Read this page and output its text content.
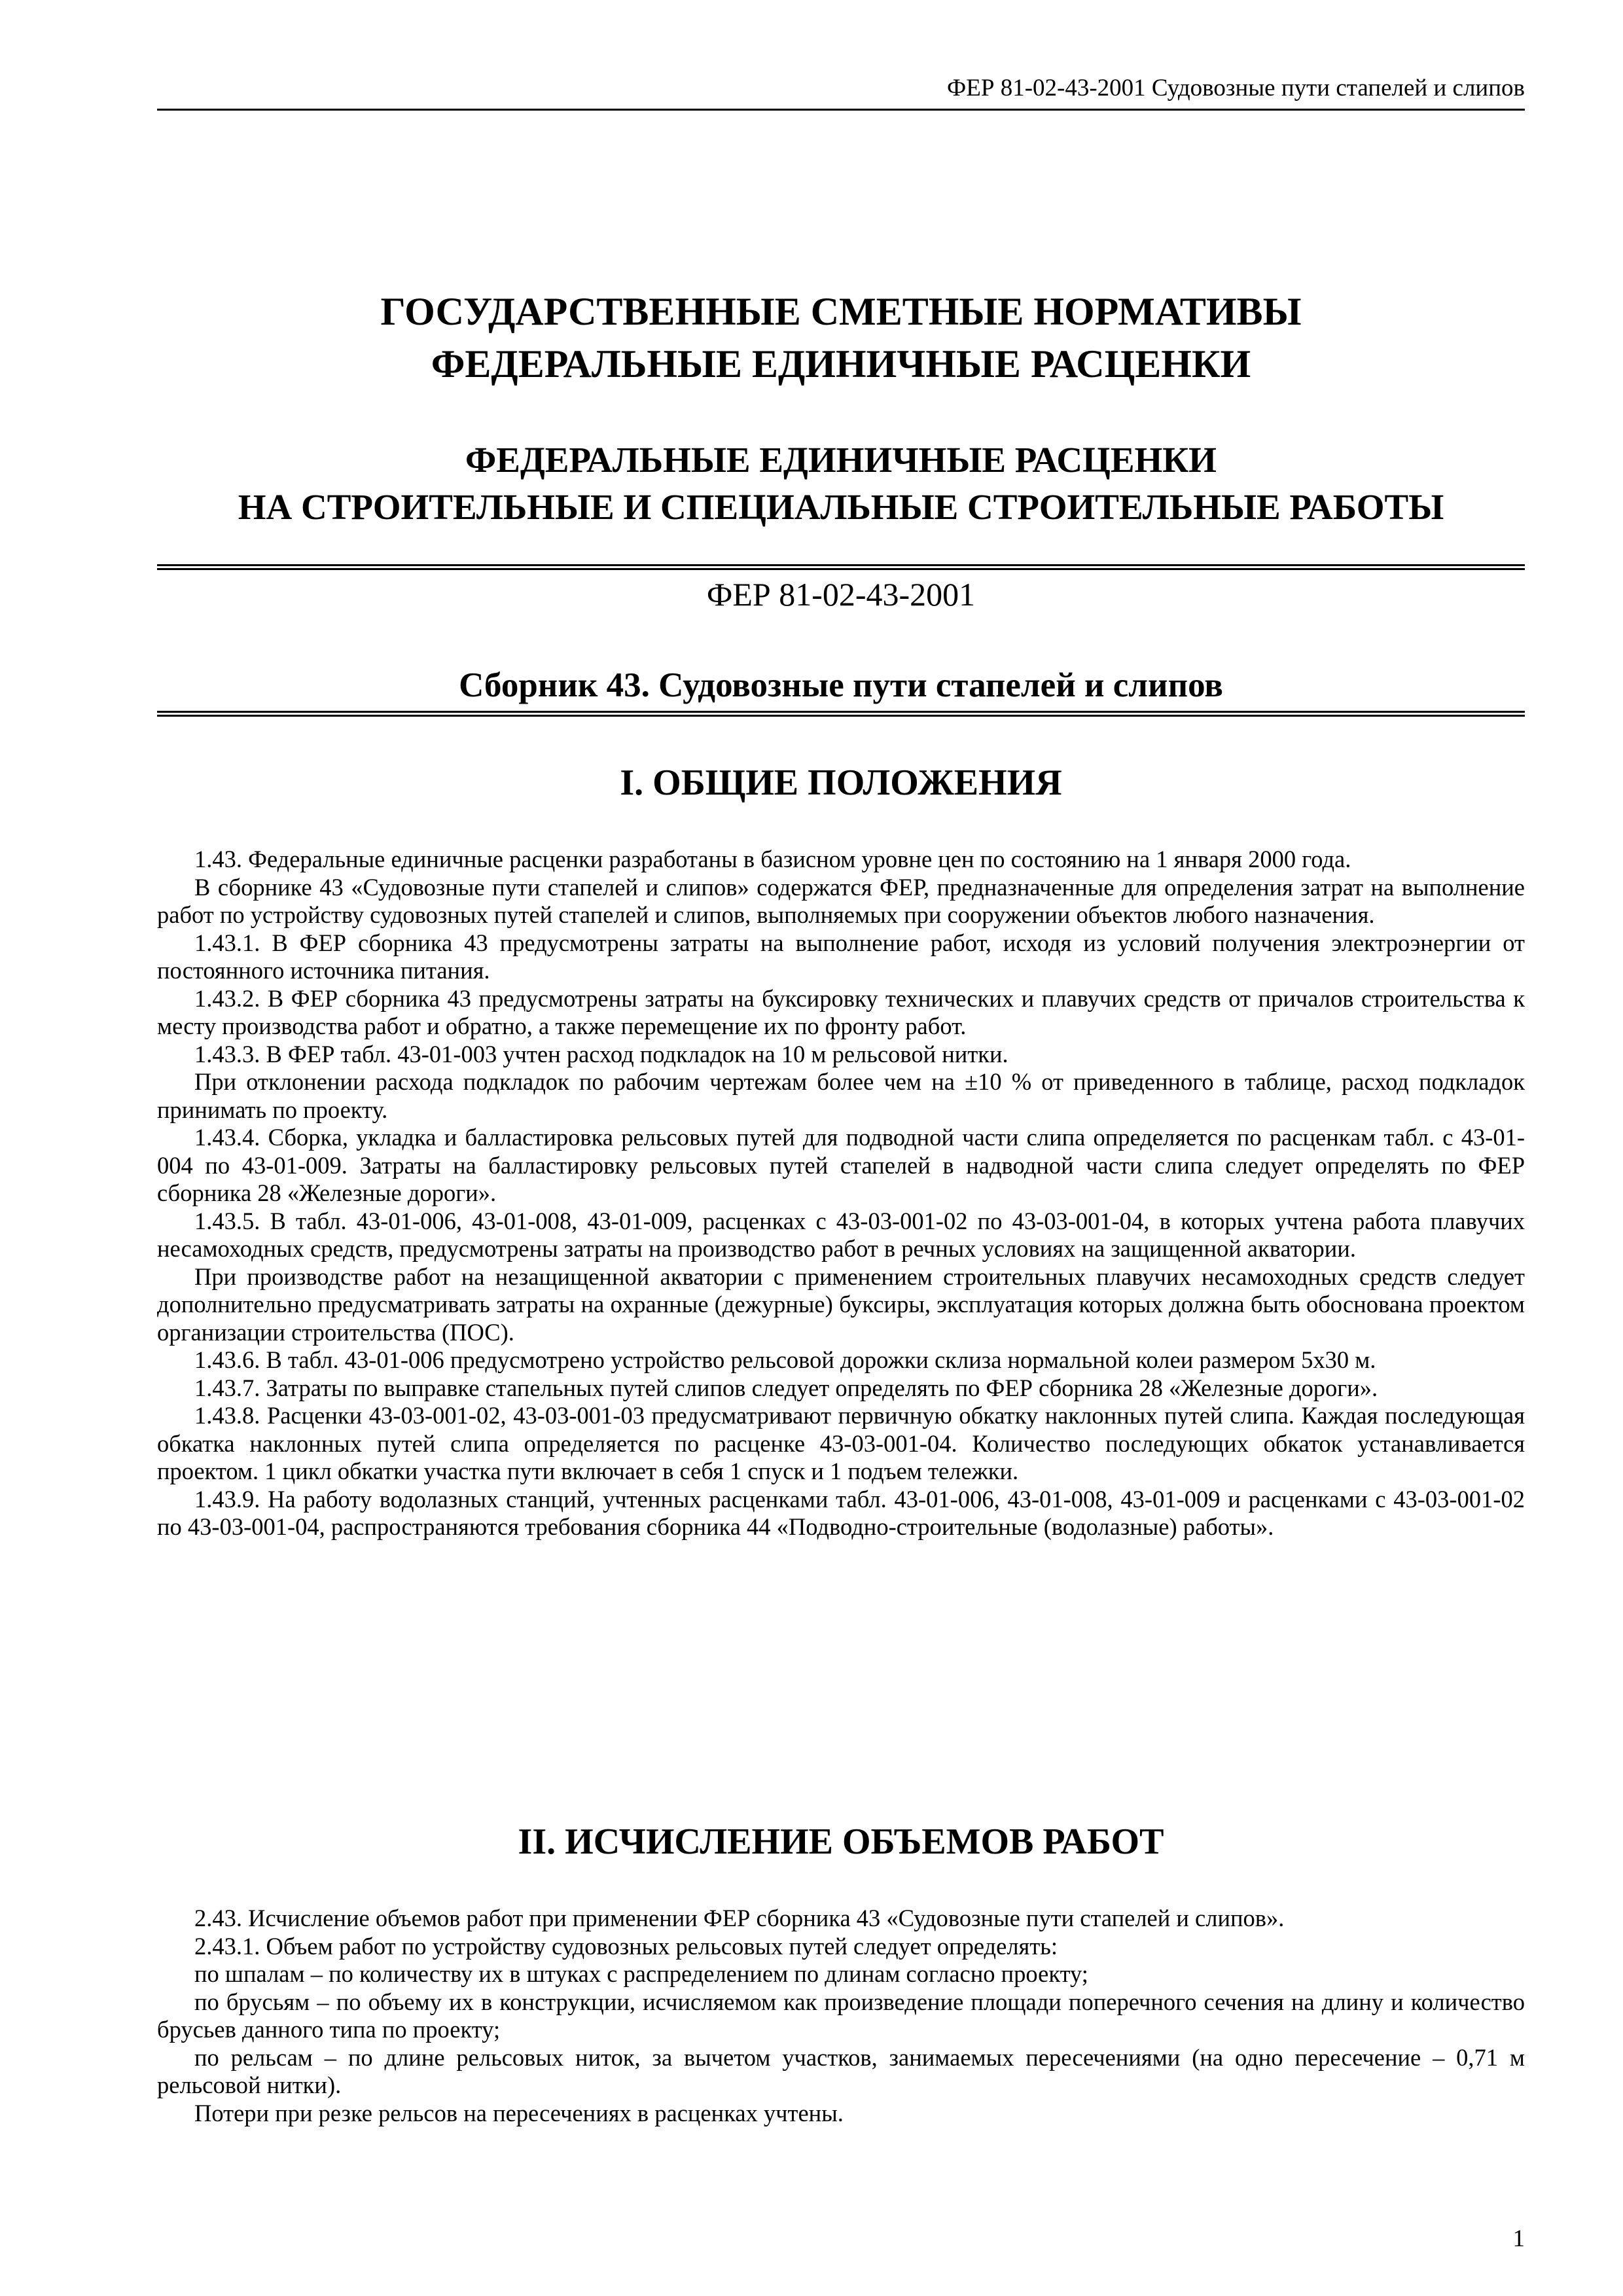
ФЕР 81-02-43-2001 Судовозные пути стапелей и слипов
ГОСУДАРСТВЕННЫЕ СМЕТНЫЕ НОРМАТИВЫ
ФЕДЕРАЛЬНЫЕ ЕДИНИЧНЫЕ РАСЦЕНКИ
ФЕДЕРАЛЬНЫЕ ЕДИНИЧНЫЕ РАСЦЕНКИ
НА СТРОИТЕЛЬНЫЕ И СПЕЦИАЛЬНЫЕ СТРОИТЕЛЬНЫЕ РАБОТЫ
ФЕР 81-02-43-2001
Сборник 43. Судовозные пути стапелей и слипов
I. ОБЩИЕ ПОЛОЖЕНИЯ

1.43. Федеральные единичные расценки разработаны в базисном уровне цен по состоянию на 1 января 2000 года.

В сборнике 43 «Судовозные пути стапелей и слипов» содержатся ФЕР, предназначенные для определения затрат на выполнение работ по устройству судовозных путей стапелей и слипов, выполняемых при сооружении объектов любого назначения.

1.43.1. В ФЕР сборника 43 предусмотрены затраты на выполнение работ, исходя из условий получения электроэнергии от постоянного источника питания.

1.43.2. В ФЕР сборника 43 предусмотрены затраты на буксировку технических и плавучих средств от причалов строительства к месту производства работ и обратно, а также перемещение их по фронту работ.

1.43.3. В ФЕР табл. 43-01-003 учтен расход подкладок на 10 м рельсовой нитки.

При отклонении расхода подкладок по рабочим чертежам более чем на ±10 % от приведенного в таблице, расход подкладок принимать по проекту.

1.43.4. Сборка, укладка и балластировка рельсовых путей для подводной части слипа определяется по расценкам табл. с 43-01-004 по 43-01-009. Затраты на балластировку рельсовых путей стапелей в надводной части слипа следует определять по ФЕР сборника 28 «Железные дороги».

1.43.5. В табл. 43-01-006, 43-01-008, 43-01-009, расценках с 43-03-001-02 по 43-03-001-04, в которых учтена работа плавучих несамоходных средств, предусмотрены затраты на производство работ в речных условиях на защищенной акватории.

При производстве работ на незащищенной акватории с применением строительных плавучих несамоходных средств следует дополнительно предусматривать затраты на охранные (дежурные) буксиры, эксплуатация которых должна быть обоснована проектом организации строительства (ПОС).

1.43.6. В табл. 43-01-006 предусмотрено устройство рельсовой дорожки склиза нормальной колеи размером 5х30 м.

1.43.7. Затраты по выправке стапельных путей слипов следует определять по ФЕР сборника 28 «Железные дороги».

1.43.8. Расценки 43-03-001-02, 43-03-001-03 предусматривают первичную обкатку наклонных путей слипа. Каждая последующая обкатка наклонных путей слипа определяется по расценке 43-03-001-04. Количество последующих обкаток устанавливается проектом. 1 цикл обкатки участка пути включает в себя 1 спуск и 1 подъем тележки.

1.43.9. На работу водолазных станций, учтенных расценками табл. 43-01-006, 43-01-008, 43-01-009 и расценками с 43-03-001-02 по 43-03-001-04, распространяются требования сборника 44 «Подводно-строительные (водолазные) работы».

II. ИСЧИСЛЕНИЕ ОБЪЕМОВ РАБОТ

2.43. Исчисление объемов работ при применении ФЕР сборника 43 «Судовозные пути стапелей и слипов».

2.43.1. Объем работ по устройству судовозных рельсовых путей следует определять:

по шпалам – по количеству их в штуках с распределением по длинам согласно проекту;

по брусьям – по объему их в конструкции, исчисляемом как произведение площади поперечного сечения на длину и количество брусьев данного типа по проекту;

по рельсам – по длине рельсовых ниток, за вычетом участков, занимаемых пересечениями (на одно пересечение – 0,71 м рельсовой нитки).

Потери при резке рельсов на пересечениях в расценках учтены.

1
